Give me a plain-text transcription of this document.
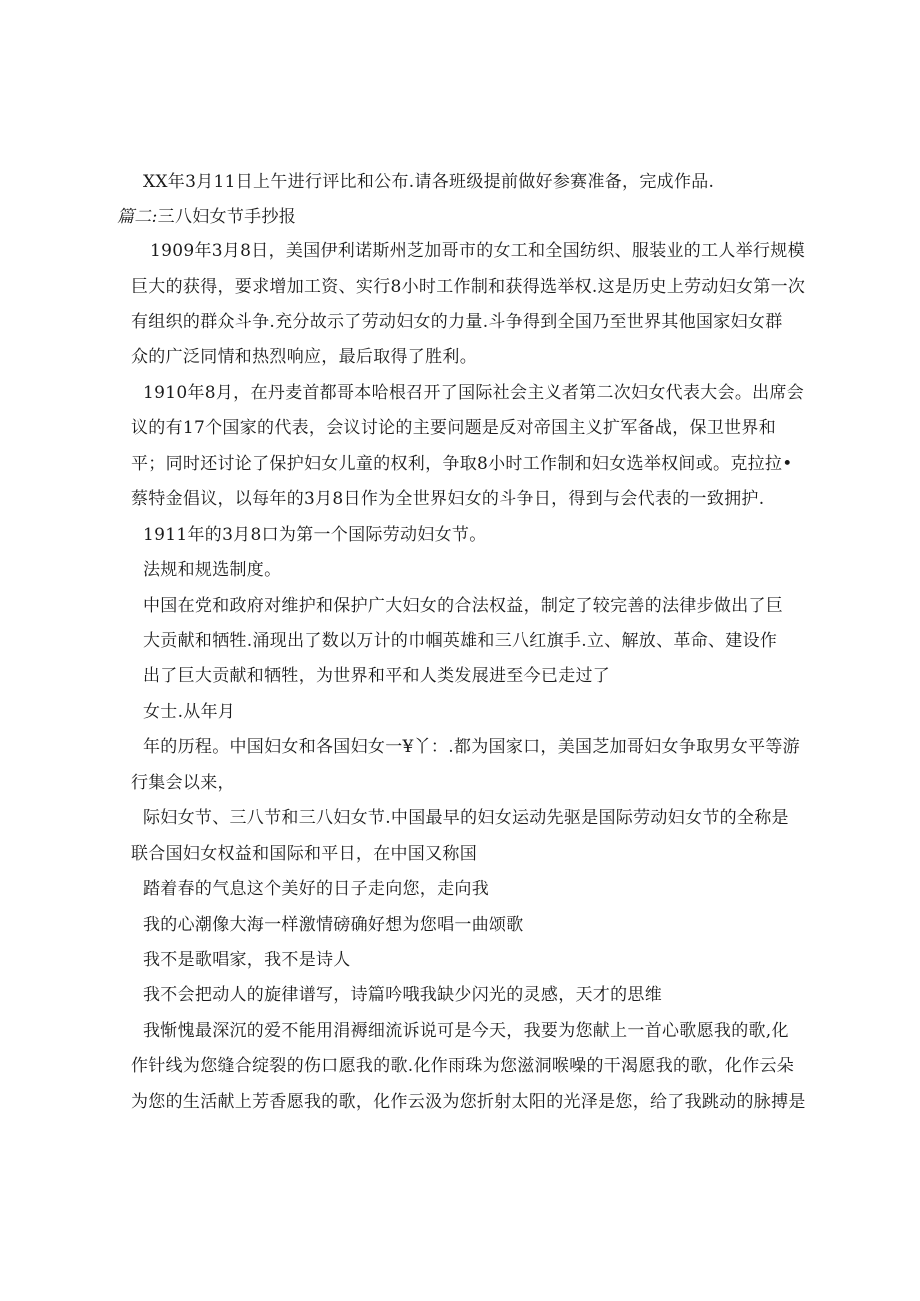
XX年3月11日上午进行评比和公布.请各班级提前做好参赛准备，完成作品.
篇二:三八妇女节手抄报
1909年3月8日，美国伊利诺斯州芝加哥市的女工和全国纺织、服装业的工人举行规模
巨大的获得，要求增加工资、实行8小时工作制和获得选举权.这是历史上劳动妇女第一次
有组织的群众斗争.充分故示了劳动妇女的力量.斗争得到全国乃至世界其他国家妇女群
众的广泛同情和热烈响应，最后取得了胜利。
1910年8月，在丹麦首都哥本哈根召开了国际社会主义者第二次妇女代表大会。出席会
议的有17个国家的代表，会议讨论的主要问题是反对帝国主义扩军备战，保卫世界和
平；同时还讨论了保护妇女儿童的权利，争取8小时工作制和妇女选举权间或。克拉拉•
蔡特金倡议，以每年的3月8日作为全世界妇女的斗争日，得到与会代表的一致拥护.
1911年的3月8口为第一个国际劳动妇女节。
法规和规选制度。
中国在党和政府对维护和保护广大妇女的合法权益，制定了较完善的法律步做出了巨
大贡献和牺牲.涌现出了数以万计的巾帼英雄和三八红旗手.立、解放、革命、建设作
出了巨大贡献和牺牲，为世界和平和人类发展进至今已走过了
女士.从年月
年的历程。中国妇女和各国妇女一¥丫：.都为国家口，美国芝加哥妇女争取男女平等游
行集会以来，
际妇女节、三八节和三八妇女节.中国最早的妇女运动先驱是国际劳动妇女节的全称是
联合国妇女权益和国际和平日，在中国又称国
踏着春的气息这个美好的日子走向您，走向我
我的心潮像大海一样激情磅确好想为您唱一曲颂歌
我不是歌唱家，我不是诗人
我不会把动人的旋律谱写，诗篇吟哦我缺少闪光的灵感，天才的思维
我惭愧最深沉的爱不能用涓褥细流诉说可是今天，我要为您献上一首心歌愿我的歌,化
作针线为您缝合绽裂的伤口愿我的歌.化作雨珠为您滋洞喉噪的干渴愿我的歌，化作云朵
为您的生活献上芳香愿我的歌，化作云汲为您折射太阳的光泽是您，给了我跳动的脉搏是
